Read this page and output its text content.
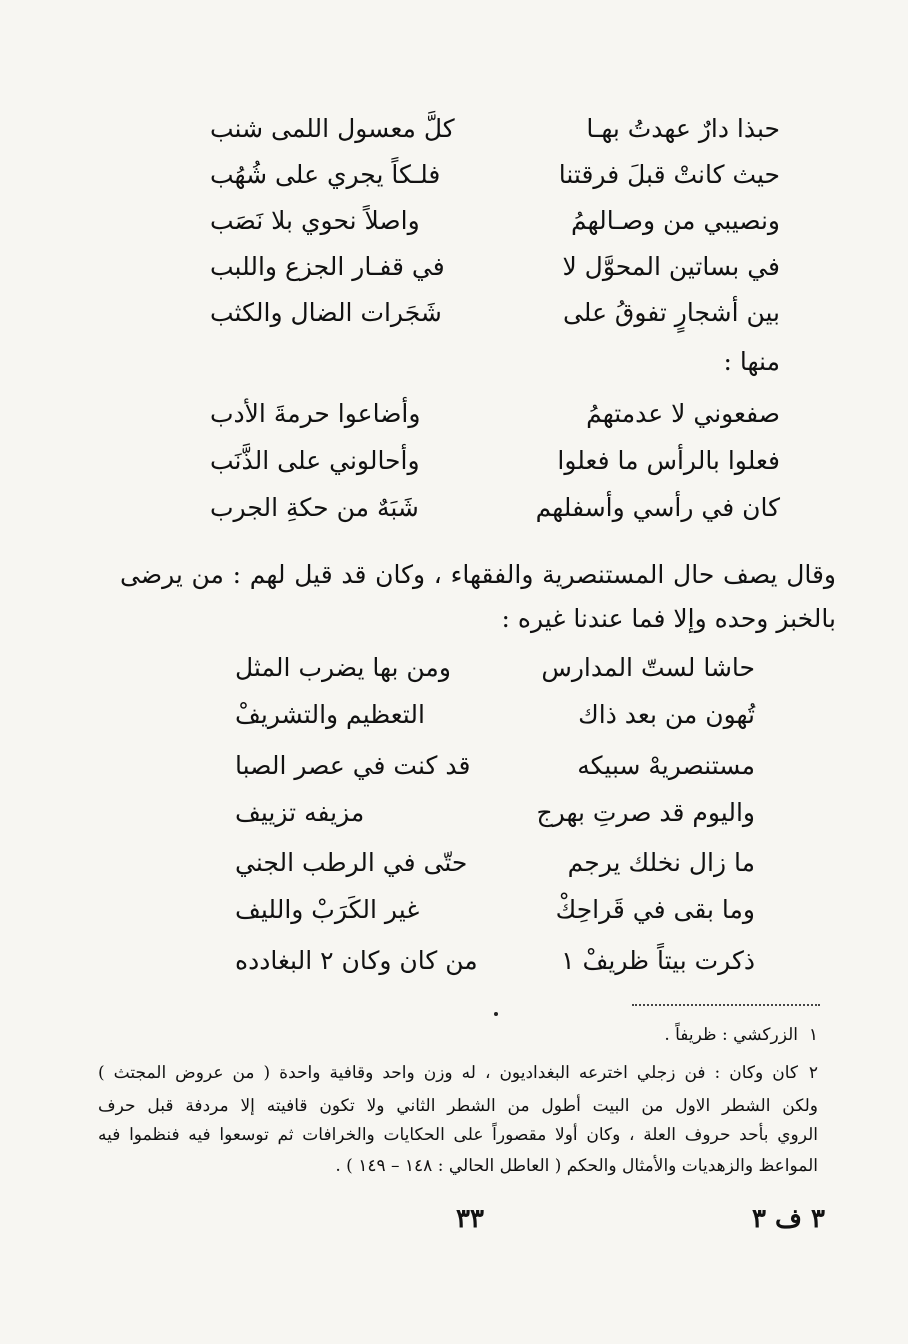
حبذا دارٌ عهدتُ بهـا
كلَّ معسول اللمى شنب
حيث كانتْ قبلَ فرقتنا
فلـكاً يجري على شُهُب
ونصيبي من وصـالهمُ
واصلاً نحوي بلا نَصَب
في بساتين المحوَّل لا
في قفـار الجزع واللبب
بين أشجارٍ تفوقُ على
شَجَرات الضال والكثب
منها :
صفعوني لا عدمتهمُ
وأضاعوا حرمةَ الأدب
فعلوا بالرأس ما فعلوا
وأحالوني على الذَّنَب
كان في رأسي وأسفلهم
شَبَهٌ من حكةِ الجرب
وقال يصف حال المستنصرية والفقهاء ، وكان قد قيل لهم : من يرضى
بالخبز وحده وإلا فما عندنا غيره :
حاشا لستّ المدارس
ومن بها يضرب المثل
تُهون من بعد ذاك
التعظيم والتشريفْ
مستنصريهْ سبيكه
قد كنت في عصر الصبا
واليوم قد صرتِ بهرج
مزيفه تزييف
ما زال نخلك يرجم
حتّى في الرطب الجني
وما بقى في قَراحِكْ
غير الكَرَبْ والليف
ذكرت بيتاً ظريفْ ١
من كان وكان ٢ البغادده
١الزركشي : ظريفاً .
٢كان وكان : فن زجلي اخترعه البغداديون ، له وزن واحد وقافية واحدة ( من عروض المجتث )
ولكن الشطر الاول من البيت أطول من الشطر الثاني ولا تكون قافيته إلا مردفة قبل حرف
الروي بأحد حروف العلة ، وكان أولا مقصوراً على الحكايات والخرافات ثم توسعوا فيه فنظموا فيه
المواعظ والزهديات والأمثال والحكم ( العاطل الحالي : ١٤٨ – ١٤٩ ) .
٣٣	٣ ف ٣
